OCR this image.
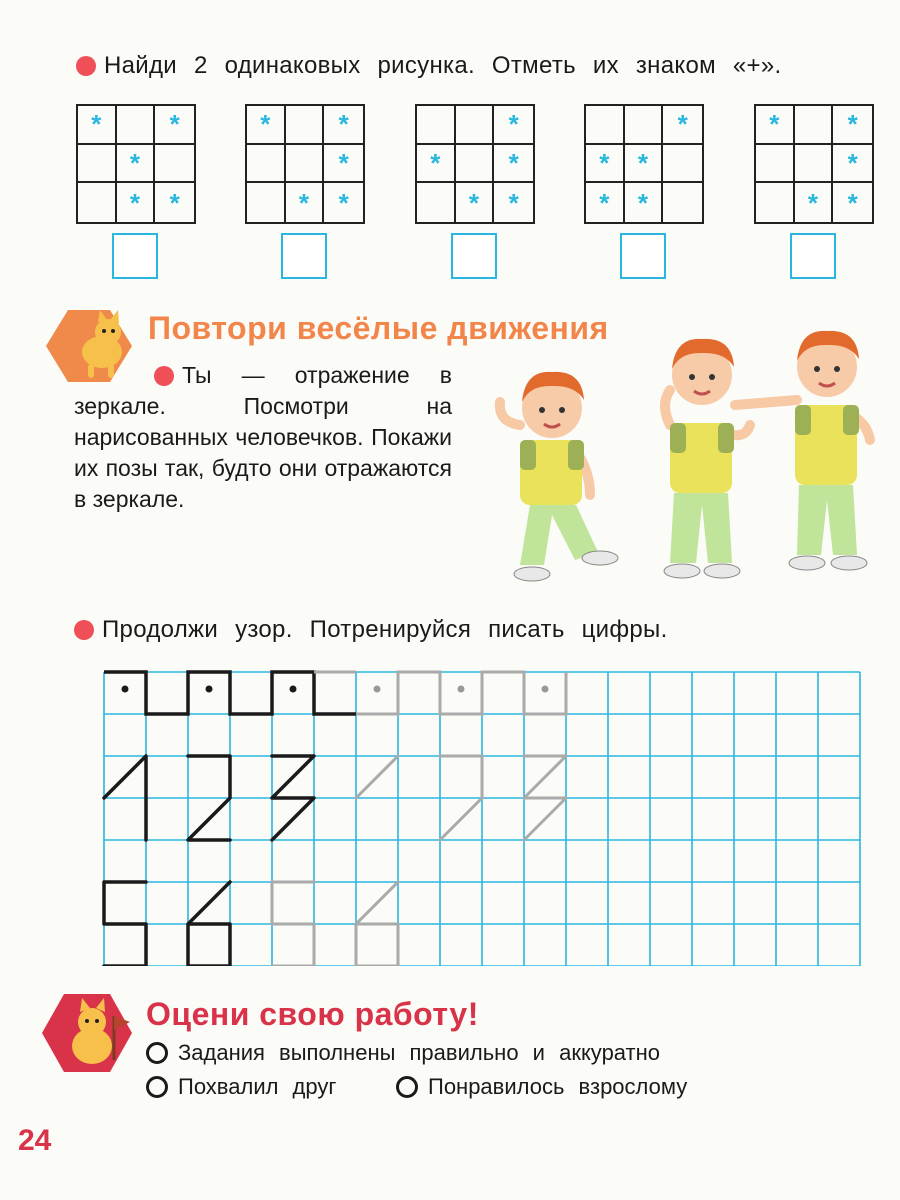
Найди 2 одинаковых рисунка. Отметь их знаком «+».
*	*
*
*	*
*	*
*
*	*
*
*	*
*	*
*
*	*
*	*
*	*
*
*	*
Повтори весёлые движения
Ты — отражение в зеркале. Посмотри на нарисованных человечков. Покажи их позы так, будто они отражаются в зеркале.
Продолжи узор. Потренируйся писать цифры.
Оцени свою работу!
Задания выполнены правильно и аккуратно
Похвалил друг	Понравилось взрослому
24
